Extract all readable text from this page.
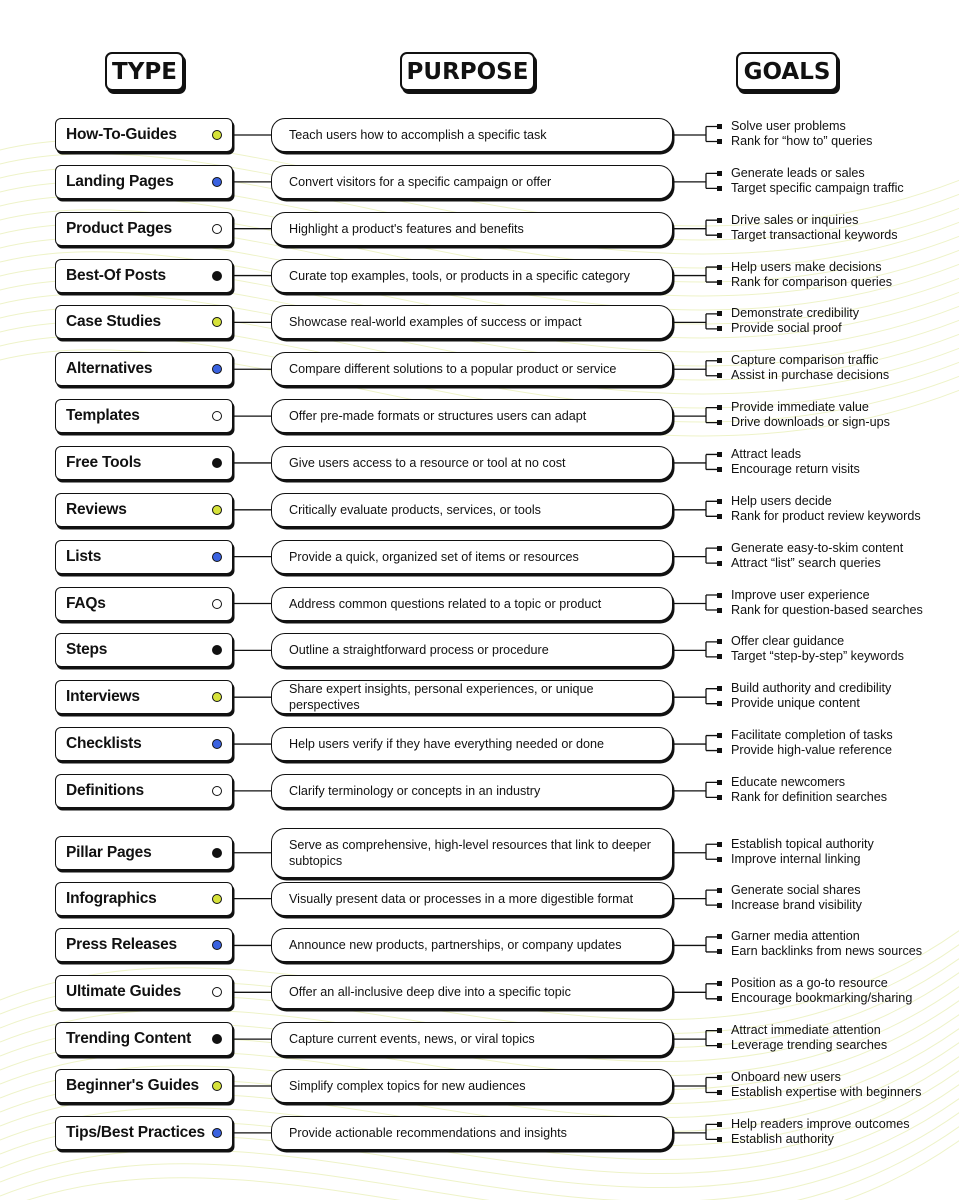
TYPE	PURPOSE	GOALS
How-To-Guides	Teach users how to accomplish a specific task
Solve user problems
Rank for “how to” queries
Landing Pages	Convert visitors for a specific campaign or offer
Generate leads or sales
Target specific campaign traffic
Product Pages	Highlight a product's features and benefits
Drive sales or inquiries
Target transactional keywords
Best-Of Posts	Curate top examples, tools, or products in a specific category
Help users make decisions
Rank for comparison queries
Case Studies	Showcase real-world examples of success or impact
Demonstrate credibility
Provide social proof
Alternatives	Compare different solutions to a popular product or service
Capture comparison traffic
Assist in purchase decisions
Templates	Offer pre-made formats or structures users can adapt
Provide immediate value
Drive downloads or sign-ups
Free Tools	Give users access to a resource or tool at no cost
Attract leads
Encourage return visits
Reviews	Critically evaluate products, services, or tools
Help users decide
Rank for product review keywords
Lists	Provide a quick, organized set of items or resources
Generate easy-to-skim content
Attract “list” search queries
FAQs	Address common questions related to a topic or product
Improve user experience
Rank for question-based searches
Steps	Outline a straightforward process or procedure
Offer clear guidance
Target “step-by-step” keywords
Interviews	Share expert insights, personal experiences, or unique perspectives
Build authority and credibility
Provide unique content
Checklists	Help users verify if they have everything needed or done
Facilitate completion of tasks
Provide high-value reference
Definitions	Clarify terminology or concepts in an industry
Educate newcomers
Rank for definition searches
Pillar Pages	Serve as comprehensive, high-level resources that link to deeper subtopics
Establish topical authority
Improve internal linking
Infographics	Visually present data or processes in a more digestible format
Generate social shares
Increase brand visibility
Press Releases	Announce new products, partnerships, or company updates
Garner media attention
Earn backlinks from news sources
Ultimate Guides	Offer an all-inclusive deep dive into a specific topic
Position as a go-to resource
Encourage bookmarking/sharing
Trending Content	Capture current events, news, or viral topics
Attract immediate attention
Leverage trending searches
Beginner's Guides	Simplify complex topics for new audiences
Onboard new users
Establish expertise with beginners
Tips/Best Practices	Provide actionable recommendations and insights
Help readers improve outcomes
Establish authority
